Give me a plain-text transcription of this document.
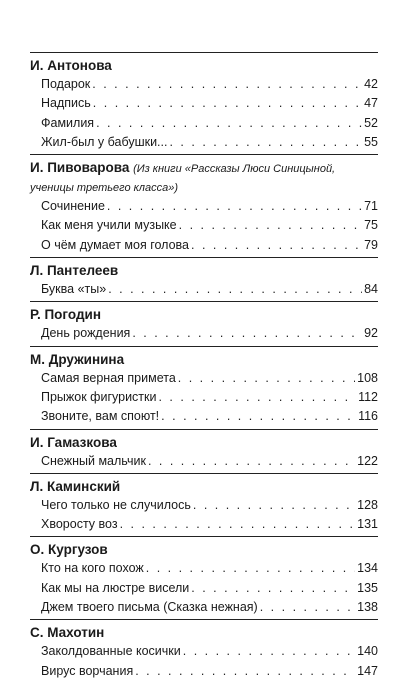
И. Антонова
Подарок . . .	42
Надпись . . .	47
Фамилия . . .	52
Жил-был у бабушки... . . .	55
И. Пивоварова (Из книги «Рассказы Люси Синицыной, ученицы третьего класса»)
Сочинение . . .	71
Как меня учили музыке . . .	75
О чём думает моя голова . . .	79
Л. Пантелеев
Буква «ты» . . .	84
Р. Погодин
День рождения . . .	92
М. Дружинина
Самая верная примета . . .	108
Прыжок фигуристки . . .	112
Звоните, вам споют! . . .	116
И. Гамазкова
Снежный мальчик . . .	122
Л. Каминский
Чего только не случилось . . .	128
Хворосту воз . . .	131
О. Кургузов
Кто на кого похож . . .	134
Как мы на люстре висели . . .	135
Джем твоего письма (Сказка нежная) . . .	138
С. Махотин
Заколдованные косички . . .	140
Вирус ворчания . . .	147
